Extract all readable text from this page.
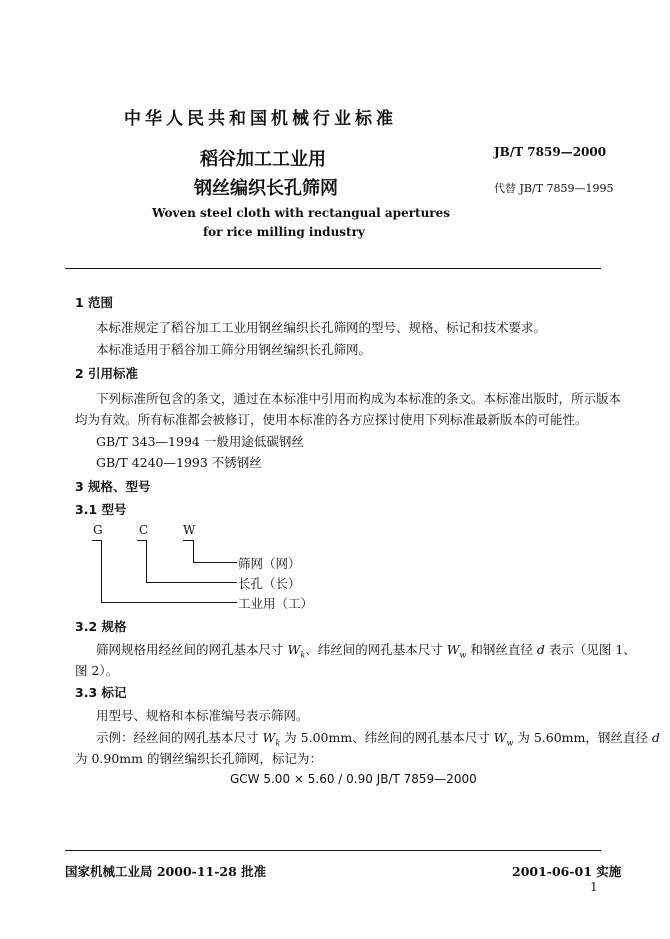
中华人民共和国机械行业标准
JB/T 7859—2000
稻谷加工工业用
代替 JB/T 7859—1995
钢丝编织长孔筛网
Woven steel cloth with rectangual apertures
for rice milling industry
1 范围
本标准规定了稻谷加工工业用钢丝编织长孔筛网的型号、规格、标记和技术要求。
本标准适用于稻谷加工筛分用钢丝编织长孔筛网。
2 引用标准
下列标准所包含的条文，通过在本标准中引用而构成为本标准的条文。本标准出版时，所示版本
均为有效。所有标准都会被修订，使用本标准的各方应探讨使用下列标准最新版本的可能性。
GB/T 343—1994 一般用途低碳钢丝
GB/T 4240—1993 不锈钢丝
3 规格、型号
3.1 型号
G	C	W
筛网（网）
长孔（长）
工业用（工）
3.2 规格
筛网规格用经丝间的网孔基本尺寸 $W_k$、纬丝间的网孔基本尺寸 $W_w$ 和钢丝直径 d 表示（见图 1、
图 2）。
3.3 标记
用型号、规格和本标准编号表示筛网。
示例：经丝间的网孔基本尺寸 $W_k$ 为 5.00mm、纬丝间的网孔基本尺寸 $W_w$ 为 5.60mm，钢丝直径 d
为 0.90mm 的钢丝编织长孔筛网，标记为：
GCW 5.00 × 5.60 / 0.90 JB/T 7859—2000
国家机械工业局 2000-11-28 批准	2001-06-01 实施
1
